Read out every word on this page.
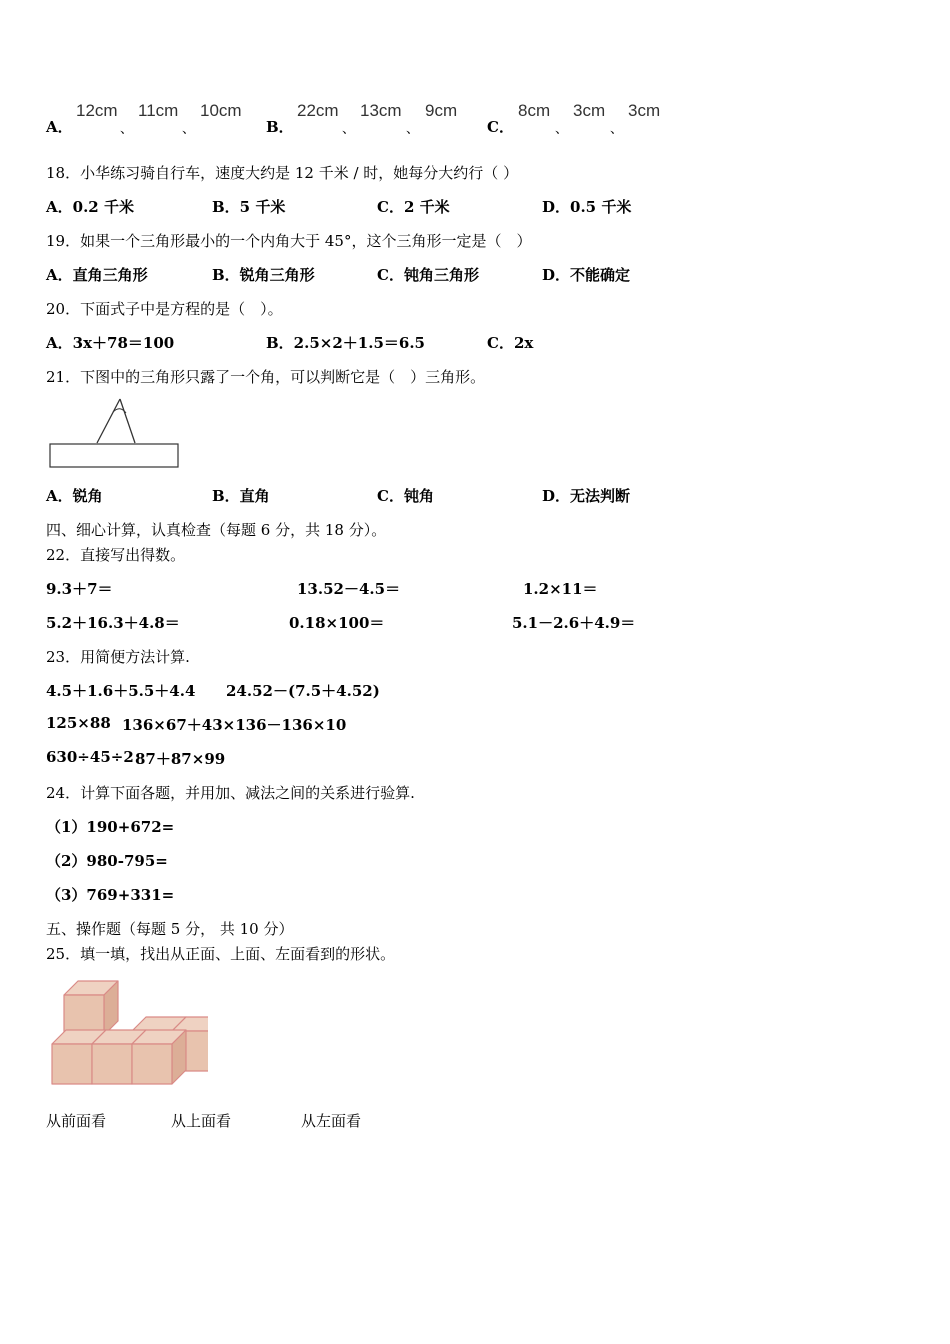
A．
12cm
、
11cm
、
10cm
B．
22cm
、
13cm
、
9cm
C．
8cm
、
3cm
、
3cm
18．小华练习骑自行车，速度大约是 12 千米 / 时，她每分大约行（ ）
A．0.2 千米	B．5 千米	C．2 千米	D．0.5 千米
19．如果一个三角形最小的一个内角大于 45°，这个三角形一定是（　）
A．直角三角形	B．锐角三角形	C．钝角三角形	D．不能确定
20．下面式子中是方程的是（　）。
A．3x＋78＝100	B．2.5×2＋1.5＝6.5	C．2x
21．下图中的三角形只露了一个角，可以判断它是（　）三角形。
A．锐角	B．直角	C．钝角	D．无法判断
四、细心计算，认真检查（每题 6 分，共 18 分）。
22．直接写出得数。
9.3＋7＝	13.52－4.5＝	1.2×11＝
5.2＋16.3＋4.8＝	0.18×100＝	5.1－2.6＋4.9＝
23．用简便方法计算.
4.5＋1.6＋5.5＋4.4 24.52－(7.5＋4.52)
125×88 136×67＋43×136－136×10
630÷45÷2 87＋87×99
24．计算下面各题，并用加、减法之间的关系进行验算.
（1）190+672=
（2）980-795=
（3）769+331=
五、操作题（每题 5 分， 共 10 分）
25．填一填，找出从正面、上面、左面看到的形状。
从前面看	从上面看	从左面看
